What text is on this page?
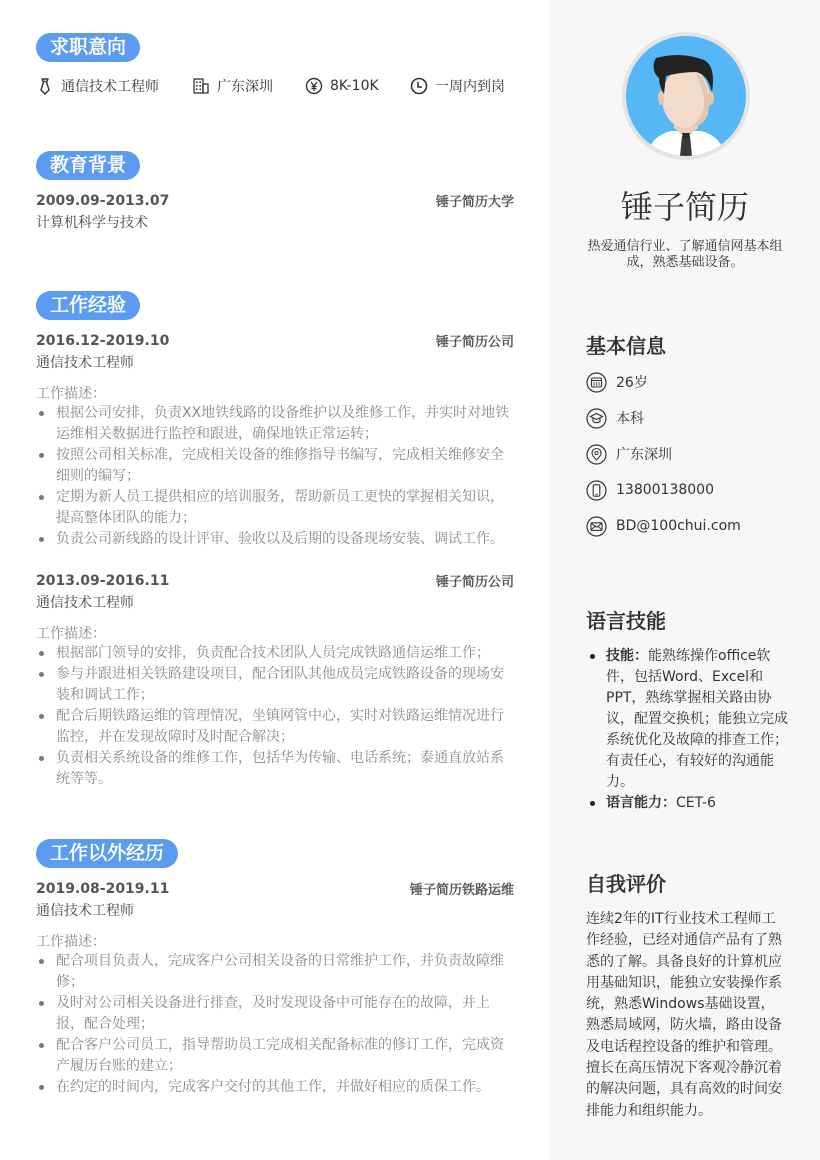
求职意向
通信技术工程师	广东深圳	8K-10K	一周内到岗
教育背景
2009.09-2013.07	锤子简历大学
计算机科学与技术
工作经验
2016.12-2019.10	锤子简历公司
通信技术工程师
工作描述：
根据公司安排，负责XX地铁线路的设备维护以及维修工作，并实时对地铁运维相关数据进行监控和跟进，确保地铁正常运转；
按照公司相关标准，完成相关设备的维修指导书编写，完成相关维修安全细则的编写；
定期为新人员工提供相应的培训服务，帮助新员工更快的掌握相关知识，提高整体团队的能力；
负责公司新线路的设计评审、验收以及后期的设备现场安装、调试工作。
2013.09-2016.11	锤子简历公司
通信技术工程师
工作描述：
根据部门领导的安排，负责配合技术团队人员完成铁路通信运维工作；
参与并跟进相关铁路建设项目，配合团队其他成员完成铁路设备的现场安装和调试工作；
配合后期铁路运维的管理情况，坐镇网管中心，实时对铁路运维情况进行监控，并在发现故障时及时配合解决；
负责相关系统设备的维修工作，包括华为传输、电话系统；泰通直放站系统等等。
工作以外经历
2019.08-2019.11	锤子简历铁路运维
通信技术工程师
工作描述：
配合项目负责人，完成客户公司相关设备的日常维护工作，并负责故障维修；
及时对公司相关设备进行排查，及时发现设备中可能存在的故障，并上报，配合处理；
配合客户公司员工，指导帮助员工完成相关配备标准的修订工作，完成资产履历台账的建立；
在约定的时间内，完成客户交付的其他工作，并做好相应的质保工作。
锤子简历
热爱通信行业、了解通信网基本组成，熟悉基础设备。
基本信息
26岁
本科
广东深圳
13800138000
BD@100chui.com
语言技能
技能：能熟练操作office软件，包括Word、Excel和PPT，熟练掌握相关路由协议，配置交换机；能独立完成系统优化及故障的排查工作；有责任心，有较好的沟通能力。
语言能力：CET-6
自我评价
连续2年的IT行业技术工程师工作经验，已经对通信产品有了熟悉的了解。具备良好的计算机应用基础知识，能独立安装操作系统，熟悉Windows基础设置，熟悉局域网，防火墙，路由设备及电话程控设备的维护和管理。擅长在高压情况下客观冷静沉着的解决问题，具有高效的时间安排能力和组织能力。
